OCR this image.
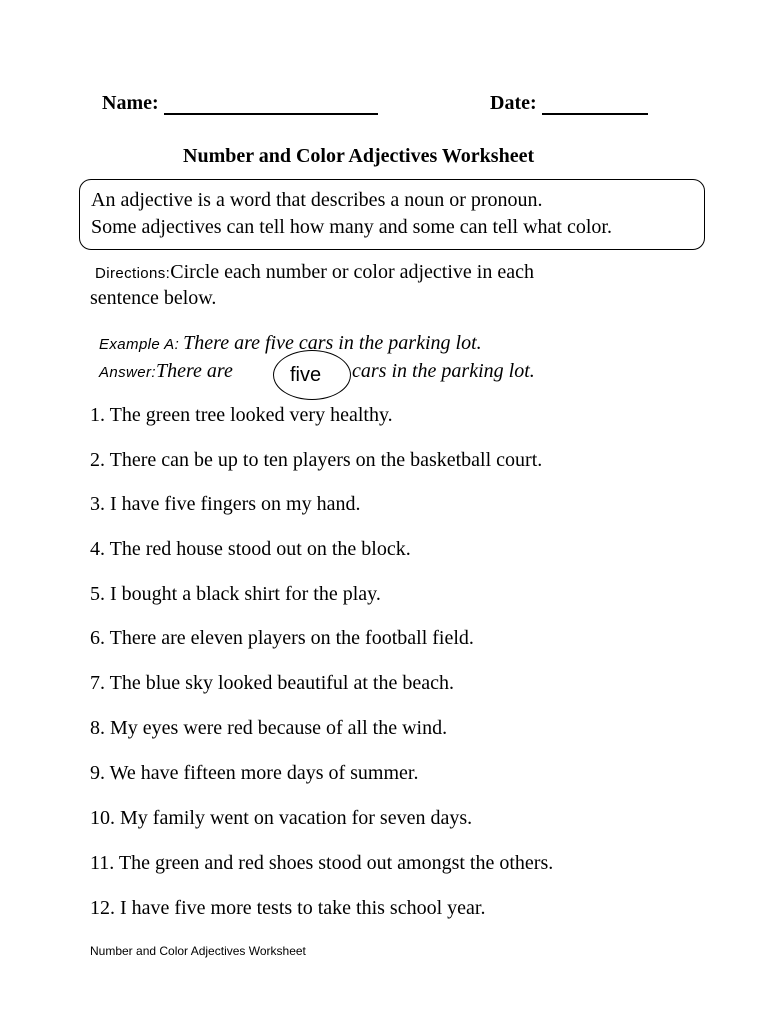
Name:	Date:
Number and Color Adjectives Worksheet
An adjective is a word that describes a noun or pronoun.
Some adjectives can tell how many and some can tell what color.
Directions:Circle each number or color adjective in each
sentence below.
Example A: There are five cars in the parking lot.
Answer:There are	cars in the parking lot.
five
1. The green tree looked very healthy.
2. There can be up to ten players on the basketball court.
3. I have five fingers on my hand.
4. The red house stood out on the block.
5. I bought a black shirt for the play.
6. There are eleven players on the football field.
7. The blue sky looked beautiful at the beach.
8. My eyes were red because of all the wind.
9. We have fifteen more days of summer.
10. My family went on vacation for seven days.
11. The green and red shoes stood out amongst the others.
12. I have five more tests to take this school year.
Number and Color Adjectives Worksheet
